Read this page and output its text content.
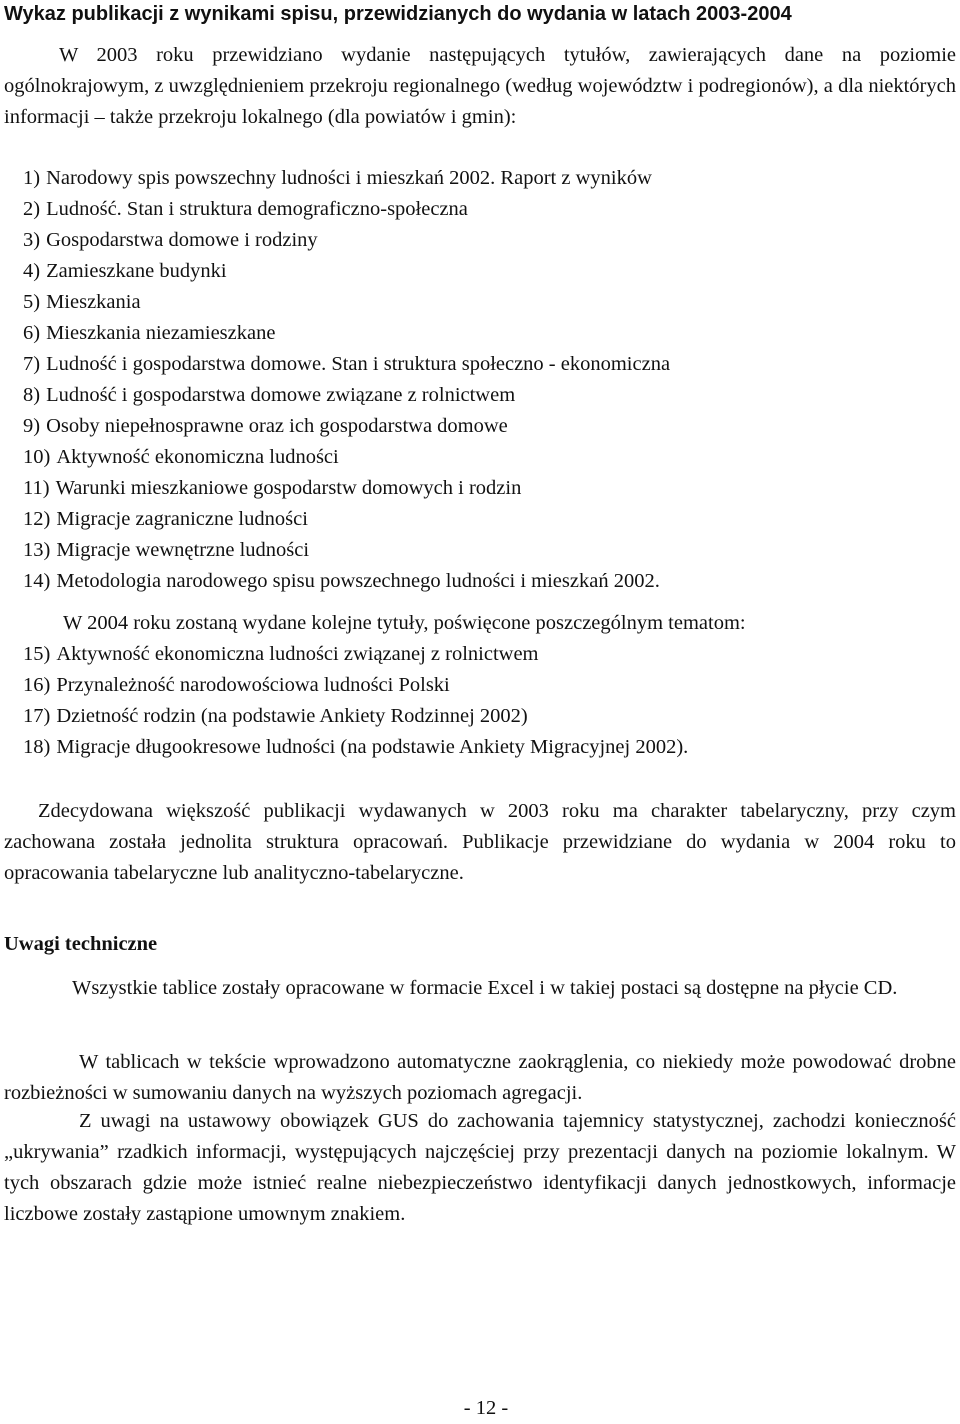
Wykaz publikacji z wynikami spisu, przewidzianych do wydania w latach 2003-2004

W 2003 roku przewidziano wydanie następujących tytułów, zawierających dane na poziomie ogólnokrajowym, z uwzględnieniem przekroju regionalnego (według województw i podregionów), a dla niektórych informacji – także przekroju lokalnego (dla powiatów i gmin):

1) Narodowy spis powszechny ludności i mieszkań 2002. Raport z wyników
2) Ludność. Stan i struktura demograficzno-społeczna
3) Gospodarstwa domowe i rodziny
4) Zamieszkane budynki
5) Mieszkania
6) Mieszkania niezamieszkane
7) Ludność i gospodarstwa domowe. Stan i struktura społeczno - ekonomiczna
8) Ludność i gospodarstwa domowe związane z rolnictwem
9) Osoby niepełnosprawne oraz ich gospodarstwa domowe
10) Aktywność ekonomiczna ludności
11) Warunki mieszkaniowe gospodarstw domowych i rodzin
12) Migracje zagraniczne ludności
13) Migracje wewnętrzne ludności
14) Metodologia narodowego spisu powszechnego ludności i mieszkań 2002.

W 2004 roku zostaną wydane kolejne tytuły, poświęcone poszczególnym tematom:

15) Aktywność ekonomiczna ludności związanej z rolnictwem
16) Przynależność narodowościowa ludności Polski
17) Dzietność rodzin (na podstawie Ankiety Rodzinnej 2002)
18) Migracje długookresowe ludności (na podstawie Ankiety Migracyjnej 2002).

Zdecydowana większość publikacji wydawanych w 2003 roku ma charakter tabelaryczny, przy czym zachowana została jednolita struktura opracowań. Publikacje przewidziane do wydania w 2004 roku to opracowania tabelaryczne lub analityczno-tabelaryczne.

Uwagi techniczne

Wszystkie tablice zostały opracowane w formacie Excel i w takiej postaci są dostępne na płycie CD.

W tablicach w tekście wprowadzono automatyczne zaokrąglenia, co niekiedy może powodować drobne rozbieżności w sumowaniu danych na wyższych poziomach agregacji.

Z uwagi na ustawowy obowiązek GUS do zachowania tajemnicy statystycznej, zachodzi konieczność „ukrywania” rzadkich informacji, występujących najczęściej przy prezentacji danych na poziomie lokalnym. W tych obszarach gdzie może istnieć realne niebezpieczeństwo identyfikacji danych jednostkowych, informacje liczbowe zostały zastąpione umownym znakiem.

- 12 -
